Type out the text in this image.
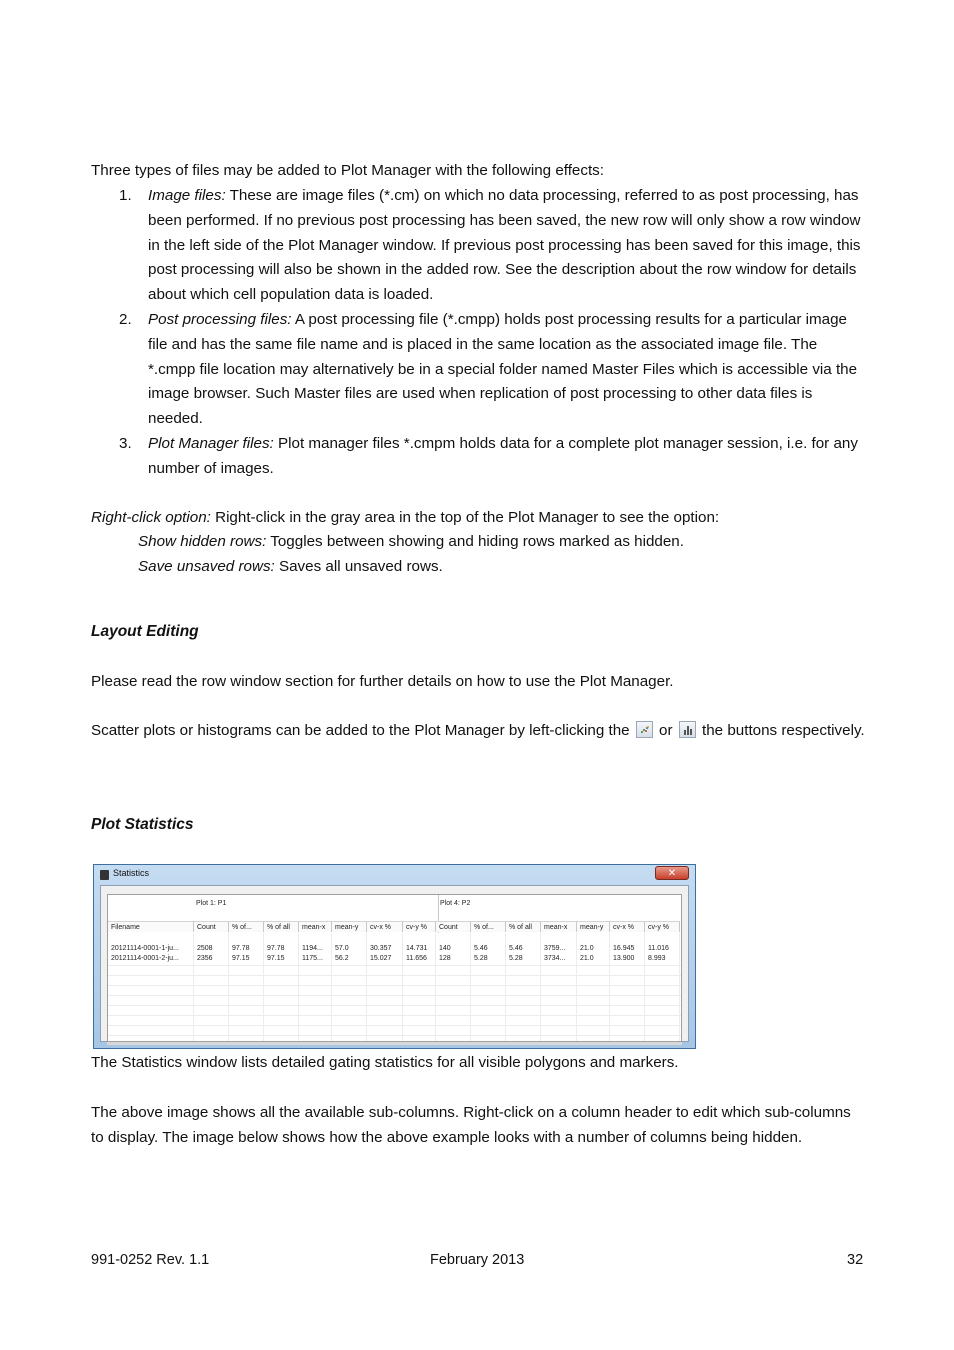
Three types of files may be added to Plot Manager with the following effects:

1. Image files: These are image files (*.cm) on which no data processing, referred to as post processing, has been performed. If no previous post processing has been saved, the new row will only show a row window in the left side of the Plot Manager window. If previous post processing has been saved for this image, this post processing will also be shown in the added row. See the description about the row window for details about which cell population data is loaded.
2. Post processing files: A post processing file (*.cmpp) holds post processing results for a particular image file and has the same file name and is placed in the same location as the associated image file. The *.cmpp file location may alternatively be in a special folder named Master Files which is accessible via the image browser. Such Master files are used when replication of post processing to other data files is needed.
3. Plot Manager files: Plot manager files *.cmpm holds data for a complete plot manager session, i.e. for any number of images.

Right-click option: Right-click in the gray area in the top of the Plot Manager to see the option:

Show hidden rows: Toggles between showing and hiding rows marked as hidden.

Save unsaved rows: Saves all unsaved rows.

Layout Editing

Please read the row window section for further details on how to use the Plot Manager.

Scatter plots or histograms can be added to the Plot Manager by left-clicking the
or
the buttons respectively.

Plot Statistics
Statistics	✕
Plot 1: P1	Plot 4: P2
Filename	Count	% of...	% of all	mean-x	mean-y	cv-x %	cv-y %	Count	% of...	% of all	mean-x	mean-y	cv-x %	cv-y %
20121114-0001-1-ju...	2508	97.78	97.78	1194...	57.0	30.357	14.731	140	5.46	5.46	3759...	21.0	16.945	11.016
20121114-0001-2-ju...	2356	97.15	97.15	1175...	56.2	15.027	11.656	128	5.28	5.28	3734...	21.0	13.900	8.993

The Statistics window lists detailed gating statistics for all visible polygons and markers.

The above image shows all the available sub-columns. Right-click on a column header to edit which sub-columns to display. The image below shows how the above example looks with a number of columns being hidden.

991-0252 Rev. 1.1	February 2013	32
